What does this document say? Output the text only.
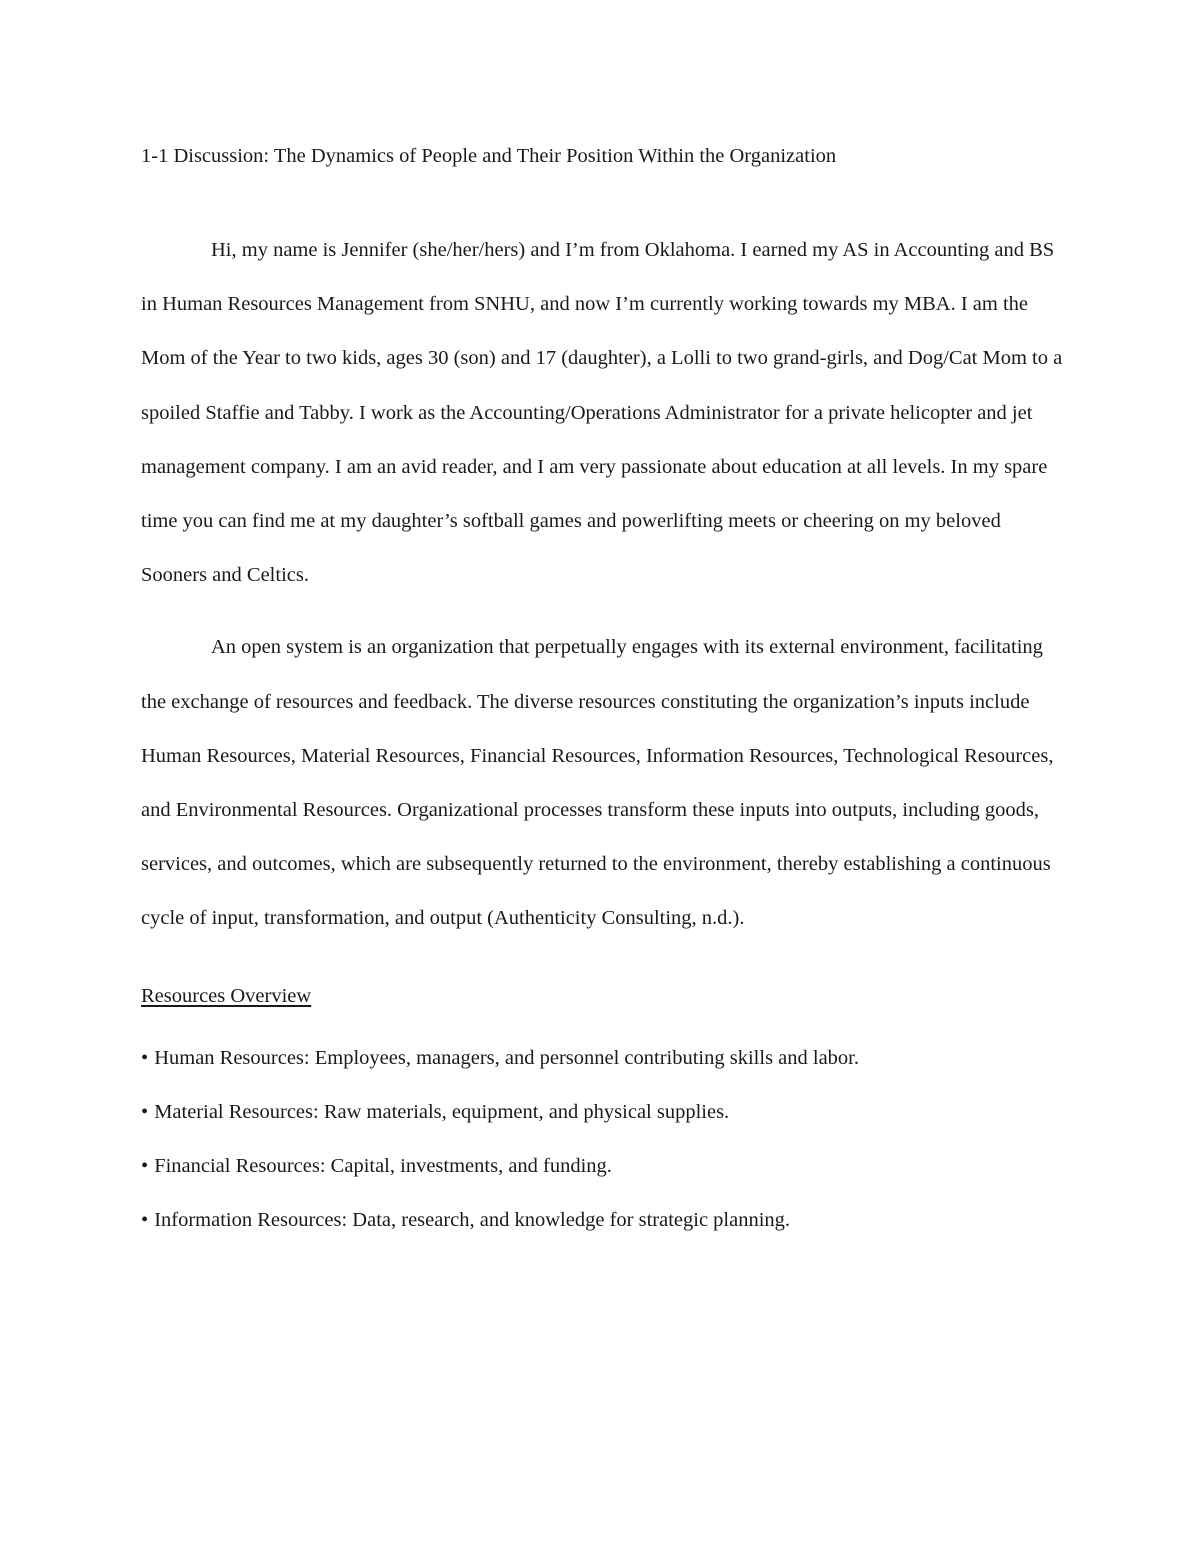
1-1 Discussion: The Dynamics of People and Their Position Within the Organization

Hi, my name is Jennifer (she/her/hers) and I’m from Oklahoma. I earned my AS in Accounting and BS in Human Resources Management from SNHU, and now I’m currently working towards my MBA. I am the Mom of the Year to two kids, ages 30 (son) and 17 (daughter), a Lolli to two grand-girls, and Dog/Cat Mom to a spoiled Staffie and Tabby. I work as the Accounting/Operations Administrator for a private helicopter and jet management company. I am an avid reader, and I am very passionate about education at all levels. In my spare time you can find me at my daughter’s softball games and powerlifting meets or cheering on my beloved Sooners and Celtics.

An open system is an organization that perpetually engages with its external environment, facilitating the exchange of resources and feedback. The diverse resources constituting the organization’s inputs include Human Resources, Material Resources, Financial Resources, Information Resources, Technological Resources, and Environmental Resources. Organizational processes transform these inputs into outputs, including goods, services, and outcomes, which are subsequently returned to the environment, thereby establishing a continuous cycle of input, transformation, and output (Authenticity Consulting, n.d.).

Resources Overview

• Human Resources: Employees, managers, and personnel contributing skills and labor.
• Material Resources: Raw materials, equipment, and physical supplies.
• Financial Resources: Capital, investments, and funding.
• Information Resources: Data, research, and knowledge for strategic planning.
